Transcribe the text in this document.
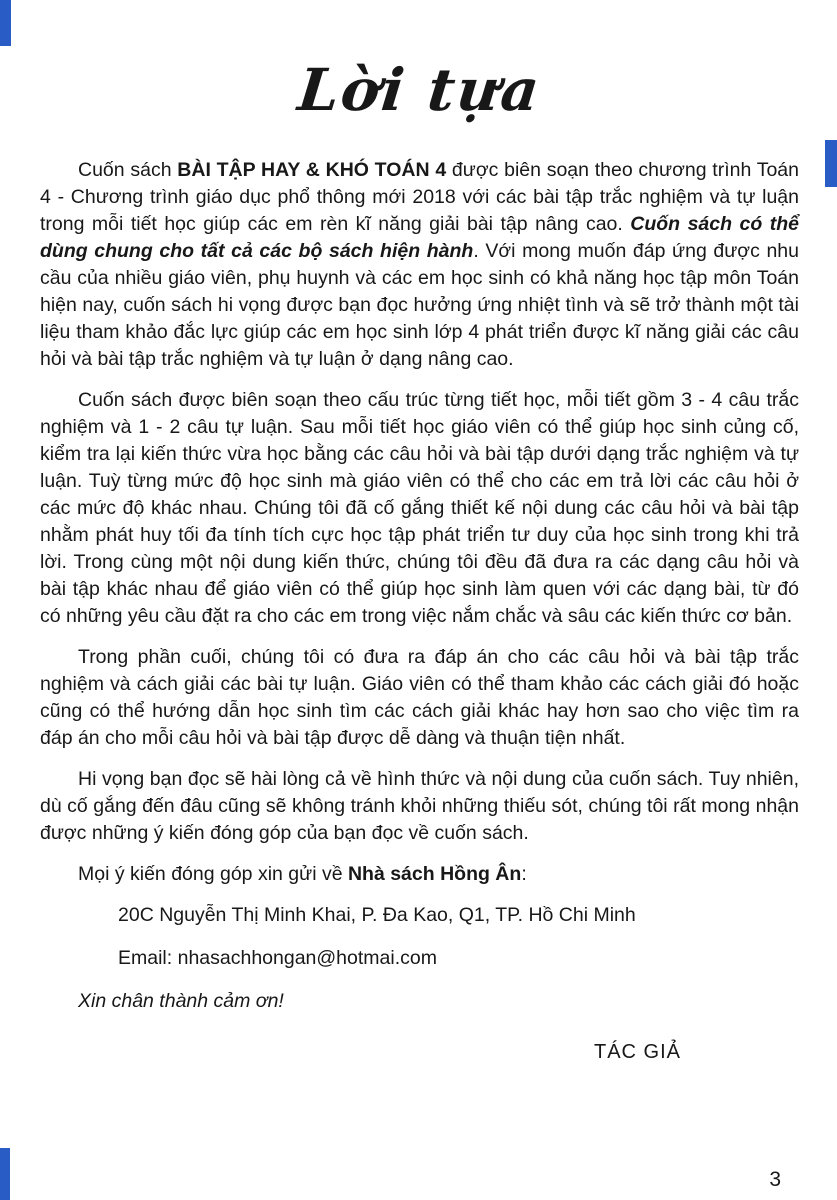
Lời tựa

Cuốn sách BÀI TẬP HAY & KHÓ TOÁN 4 được biên soạn theo chương trình Toán 4 - Chương trình giáo dục phổ thông mới 2018 với các bài tập trắc nghiệm và tự luận trong mỗi tiết học giúp các em rèn kĩ năng giải bài tập nâng cao. Cuốn sách có thể dùng chung cho tất cả các bộ sách hiện hành. Với mong muốn đáp ứng được nhu cầu của nhiều giáo viên, phụ huynh và các em học sinh có khả năng học tập môn Toán hiện nay, cuốn sách hi vọng được bạn đọc hưởng ứng nhiệt tình và sẽ trở thành một tài liệu tham khảo đắc lực giúp các em học sinh lớp 4 phát triển được kĩ năng giải các câu hỏi và bài tập trắc nghiệm và tự luận ở dạng nâng cao.

Cuốn sách được biên soạn theo cấu trúc từng tiết học, mỗi tiết gồm 3 - 4 câu trắc nghiệm và 1 - 2 câu tự luận. Sau mỗi tiết học giáo viên có thể giúp học sinh củng cố, kiểm tra lại kiến thức vừa học bằng các câu hỏi và bài tập dưới dạng trắc nghiệm và tự luận. Tuỳ từng mức độ học sinh mà giáo viên có thể cho các em trả lời các câu hỏi ở các mức độ khác nhau. Chúng tôi đã cố gắng thiết kế nội dung các câu hỏi và bài tập nhằm phát huy tối đa tính tích cực học tập phát triển tư duy của học sinh trong khi trả lời. Trong cùng một nội dung kiến thức, chúng tôi đều đã đưa ra các dạng câu hỏi và bài tập khác nhau để giáo viên có thể giúp học sinh làm quen với các dạng bài, từ đó có những yêu cầu đặt ra cho các em trong việc nắm chắc và sâu các kiến thức cơ bản.

Trong phần cuối, chúng tôi có đưa ra đáp án cho các câu hỏi và bài tập trắc nghiệm và cách giải các bài tự luận. Giáo viên có thể tham khảo các cách giải đó hoặc cũng có thể hướng dẫn học sinh tìm các cách giải khác hay hơn sao cho việc tìm ra đáp án cho mỗi câu hỏi và bài tập được dễ dàng và thuận tiện nhất.

Hi vọng bạn đọc sẽ hài lòng cả về hình thức và nội dung của cuốn sách. Tuy nhiên, dù cố gắng đến đâu cũng sẽ không tránh khỏi những thiếu sót, chúng tôi rất mong nhận được những ý kiến đóng góp của bạn đọc về cuốn sách.

Mọi ý kiến đóng góp xin gửi về Nhà sách Hồng Ân:

20C Nguyễn Thị Minh Khai, P. Đa Kao, Q1, TP. Hồ Chi Minh

Email: nhasachhongan@hotmai.com

Xin chân thành cảm ơn!

TÁC GIẢ

3
